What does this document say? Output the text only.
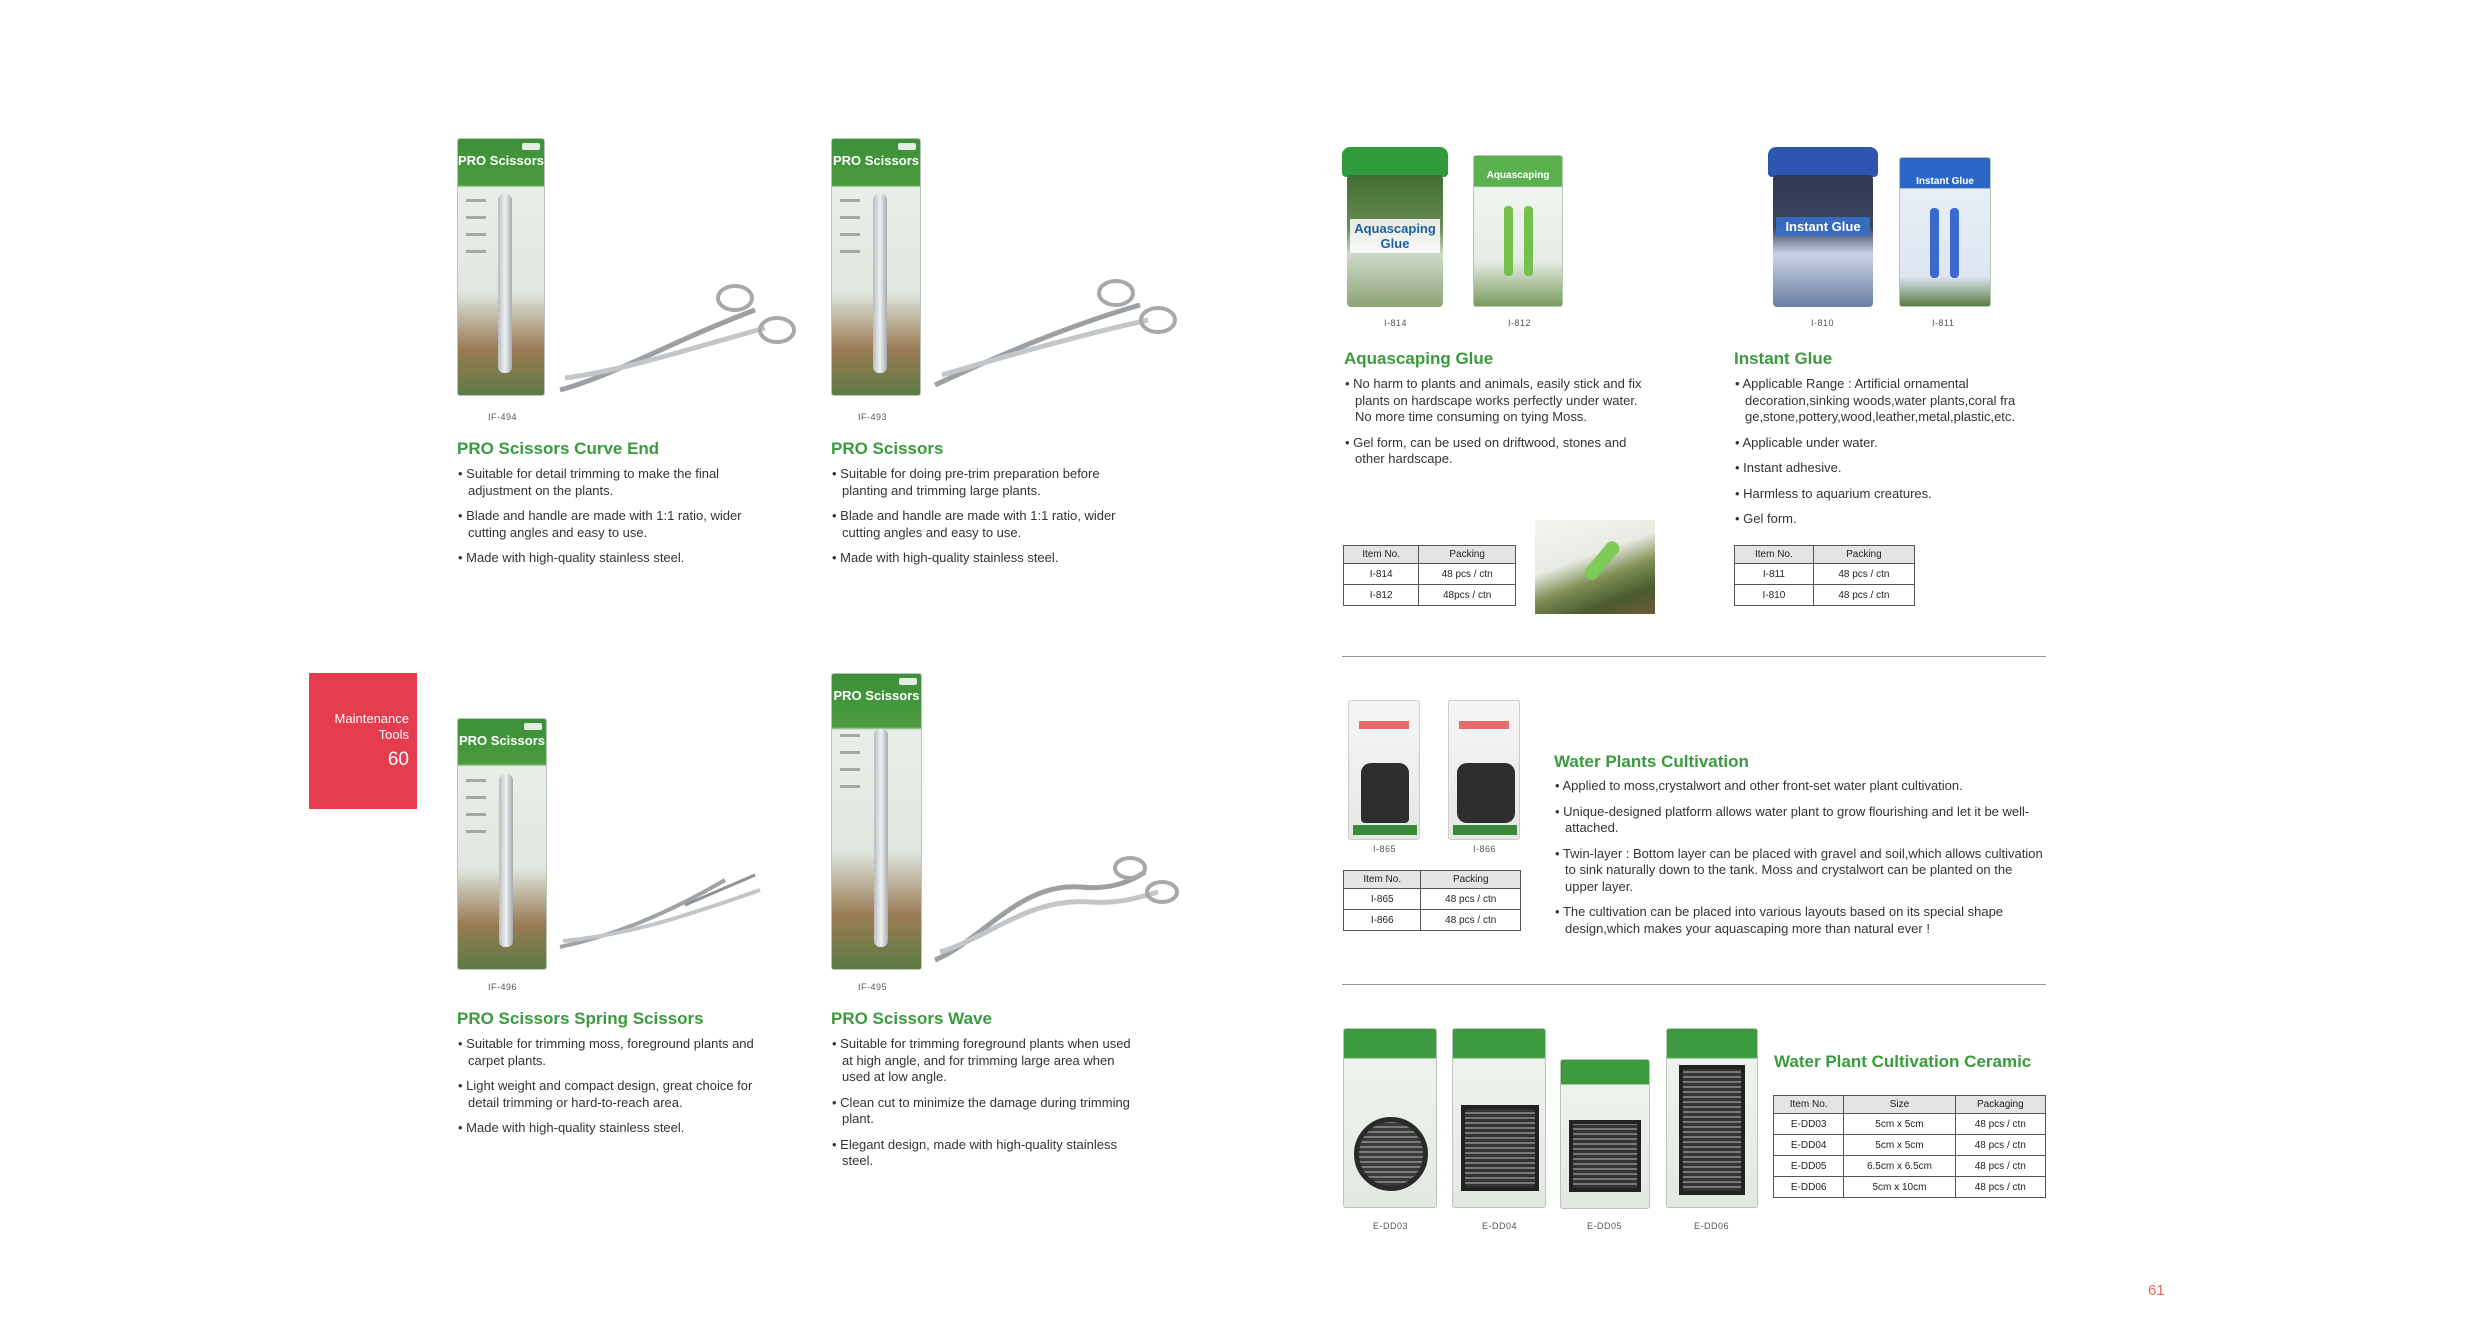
Maintenance
Tools
60
PRO Scissors
IF-494
PRO Scissors Curve End
• Suitable for detail trimming to make the final adjustment on the plants.
• Blade and handle are made with 1:1 ratio, wider cutting angles and easy to use.
• Made with high-quality stainless steel.
PRO Scissors
IF-493
PRO Scissors
• Suitable for doing pre-trim preparation before planting and trimming large plants.
• Blade and handle are made with 1:1 ratio, wider cutting angles and easy to use.
• Made with high-quality stainless steel.
PRO Scissors
IF-496
PRO Scissors Spring Scissors
• Suitable for trimming moss, foreground plants and carpet plants.
• Light weight and compact design, great choice for detail trimming or hard-to-reach area.
• Made with high-quality stainless steel.
PRO Scissors
IF-495
PRO Scissors Wave
• Suitable for trimming foreground plants when used at high angle, and for trimming large area when used at low angle.
• Clean cut to minimize the damage during trimming plant.
• Elegant design, made with high-quality stainless steel.
Aquascaping Glue
Aquascaping
I-814	I-812
Aquascaping Glue
• No harm to plants and animals, easily stick and fix plants on hardscape works perfectly under water. No more time consuming on tying Moss.
• Gel form, can be used on driftwood, stones and other hardscape.
Item No.	Packing
I-814	48 pcs / ctn
I-812	48pcs / ctn
Instant Glue
Instant Glue
I-810	I-811
Instant Glue
• Applicable Range : Artificial ornamental decoration,sinking woods,water plants,coral fra ge,stone,pottery,wood,leather,metal,plastic,etc.
• Applicable under water.
• Instant adhesive.
• Harmless to aquarium creatures.
• Gel form.
Item No.	Packing
I-811	48 pcs / ctn
I-810	48 pcs / ctn
I-865	I-866
Item No.	Packing
I-865	48 pcs / ctn
I-866	48 pcs / ctn
Water Plants Cultivation
• Applied to moss,crystalwort and other front-set water plant cultivation.
• Unique-designed platform allows water plant to grow flourishing and let it be well-attached.
• Twin-layer : Bottom layer can be placed with gravel and soil,which allows cultivation to sink naturally down to the tank. Moss and crystalwort can be planted on the upper layer.
• The cultivation can be placed into various layouts based on its special shape design,which makes your aquascaping more than natural ever !
E-DD03	E-DD04	E-DD05	E-DD06
Water Plant Cultivation Ceramic
Item No.	Size	Packaging
E-DD03	5cm x 5cm	48 pcs / ctn
E-DD04	5cm x 5cm	48 pcs / ctn
E-DD05	6.5cm x 6.5cm	48 pcs / ctn
E-DD06	5cm x 10cm	48 pcs / ctn
61
